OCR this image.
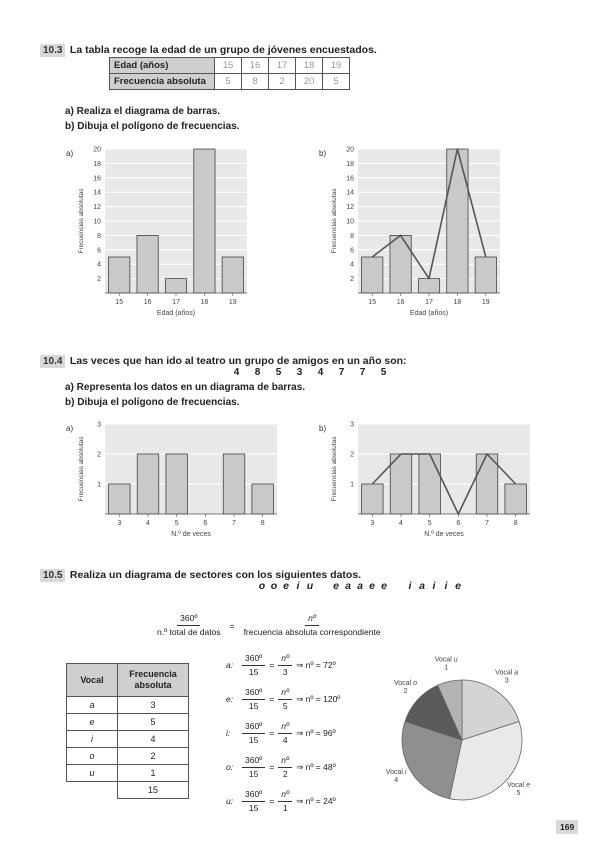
10.3 La tabla recoge la edad de un grupo de jóvenes encuestados.
Edad (años)	15	16	17	18	19
Frecuencia absoluta	5	8	2	20	5
a) Realiza el diagrama de barras.
b) Dibuja el polígono de frecuencias.
2
4
6
8
10
12
14
16
18
20
Frecuencias absolutas
a)
15	16	17	18	19
Edad (años)
2
4
6
8
10
12
14
16
18
20
Frecuencias absolutas
b)
15	16	17	18	19
Edad (años)
10.4 Las veces que han ido al teatro un grupo de amigos en un año son:
4 8 5 3 4 7 7 5
a) Representa los datos en un diagrama de barras.
b) Dibuja el polígono de frecuencias.
1
2
3
Frecuencias absolutas
a)
3	4	5	6	7	8
N.º de veces
1
2
3
Frecuencias absolutas
b)
3	4	5	6	7	8
N.º de veces
10.5 Realiza un diagrama de sectores con los siguientes datos.
o o e i u e a a e e i a i i e
$\frac{\text{360º}}{\text{n.º total de datos}} = \frac{\text{nº}}{\text{frecuencia absoluta correspondiente}}$
Vocal	Frecuencia absoluta
a	3
e	5
i	4
o	2
u	1
	15
a:	$\frac{\text{360º}}{15} = \frac{\text{nº}}{3}$ ⇒ nº = 72º
e:	$\frac{\text{360º}}{15} = \frac{\text{nº}}{5}$ ⇒ nº = 120º
i:	$\frac{\text{360º}}{15} = \frac{\text{nº}}{4}$ ⇒ nº = 96º
o:	$\frac{\text{360º}}{15} = \frac{\text{nº}}{2}$ ⇒ nº = 48º
u:	$\frac{\text{360º}}{15} = \frac{\text{nº}}{1}$ ⇒ nº = 24º
Vocal a
3
Vocal e
5
Vocal i
4
Vocal o
2
Vocal u
1
169
